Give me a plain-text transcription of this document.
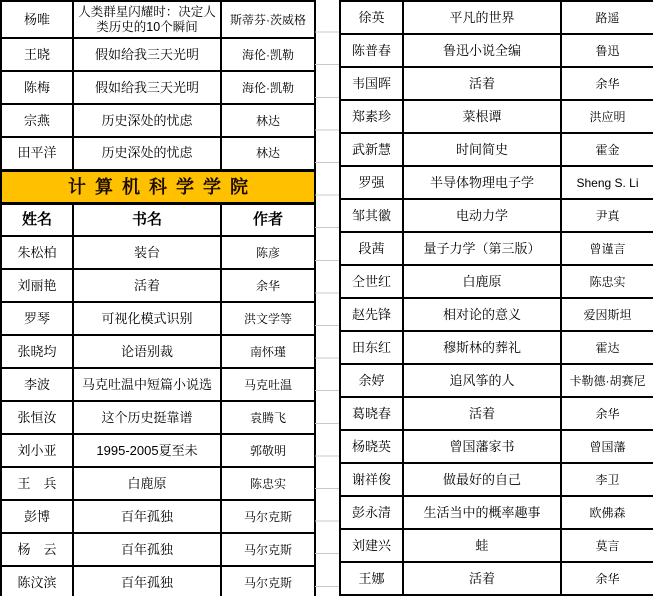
杨唯	人类群星闪耀时：决定人类历史的10个瞬间	斯蒂芬·茨威格
王晓	假如给我三天光明	海伦·凯勒
陈梅	假如给我三天光明	海伦·凯勒
宗燕	历史深处的忧虑	林达
田平洋	历史深处的忧虑	林达
计算机科学学院		
姓名	书名	作者
朱松柏	装台	陈彦
刘丽艳	活着	余华
罗琴	可视化模式识别	洪文学等
张晓均	论语别裁	南怀瑾
李波	马克吐温中短篇小说选	马克吐温
张恒汝	这个历史挺靠谱	袁腾飞
刘小亚	1995-2005夏至未	郭敬明
王　兵	白鹿原	陈忠实
彭博	百年孤独	马尔克斯
杨　云	百年孤独	马尔克斯
陈汶滨	百年孤独	马尔克斯
徐英	平凡的世界	路遥
陈普春	鲁迅小说全编	鲁迅
韦国晖	活着	余华
郑素珍	菜根谭	洪应明
武新慧	时间简史	霍金
罗强	半导体物理电子学	Sheng S. Li
邹其徽	电动力学	尹真
段茜	量子力学（第三版）	曾谨言
仝世红	白鹿原	陈忠实
赵先锋	相对论的意义	爱因斯坦
田东红	穆斯林的葬礼	霍达
余婷	追风筝的人	卡勒德·胡赛尼
葛晓春	活着	余华
杨晓英	曾国藩家书	曾国藩
谢祥俊	做最好的自己	李卫
彭永清	生活当中的概率趣事	欧佛森
刘建兴	蛙	莫言
王娜	活着	余华
